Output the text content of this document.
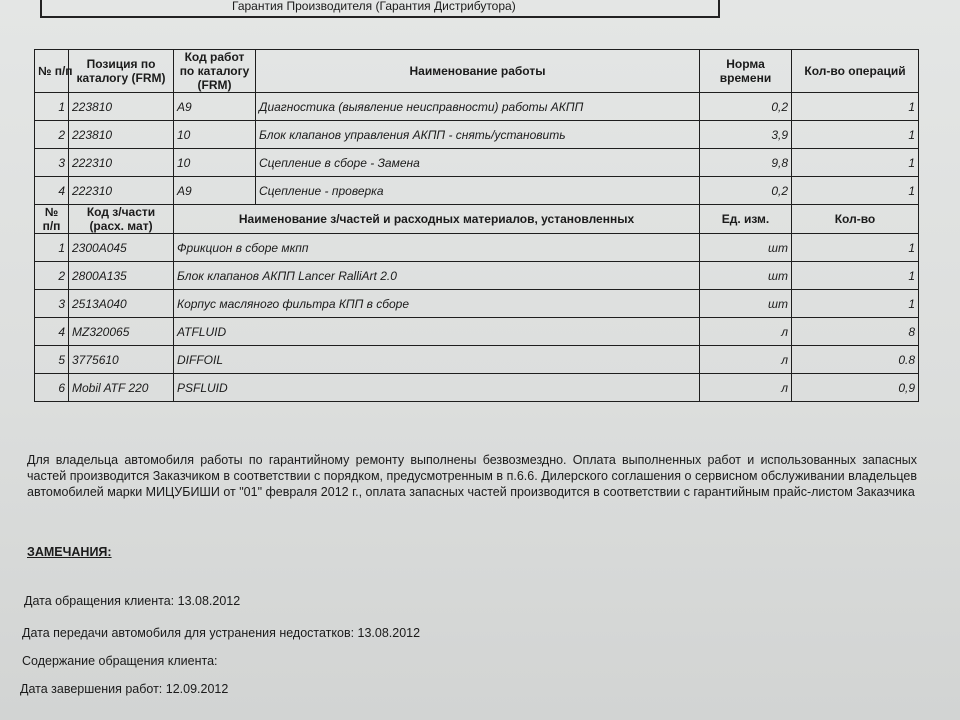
Гарантия Производителя (Гарантия Дистрибутора)
№ п/п	Позиция по каталогу (FRM)	Код работ по каталогу (FRM)	Наименование работы	Норма времени	Кол-во операций
1	223810	A9	Диагностика (выявление неисправности) работы АКПП	0,2	1
2	223810	10	Блок клапанов управления АКПП - снять/установить	3,9	1
3	222310	10	Сцепление в сборе - Замена	9,8	1
4	222310	A9	Сцепление - проверка	0,2	1
№ п/п	Код з/части (расх. мат)	Наименование з/частей и расходных материалов, установленных		Ед. изм.	Кол-во
1	2300A045	Фрикцион в сборе мкпп		шт	1
2	2800A135	Блок клапанов АКПП Lancer RalliArt 2.0		шт	1
3	2513A040	Корпус масляного фильтра КПП в сборе		шт	1
4	MZ320065	ATFLUID		л	8
5	3775610	DIFFOIL		л	0.8
6	Mobil ATF 220	PSFLUID		л	0,9
Для владельца автомобиля работы по гарантийному ремонту выполнены безвозмездно. Оплата выполненных работ и использованных запасных частей производится Заказчиком в соответствии с порядком, предусмотренным в п.6.6. Дилерского соглашения о сервисном обслуживании владельцев автомобилей марки МИЦУБИШИ от "01" февраля 2012 г., оплата запасных частей производится в соответствии с гарантийным прайс-листом Заказчика
ЗАМЕЧАНИЯ:
Дата обращения клиента: 13.08.2012
Дата передачи автомобиля для устранения недостатков: 13.08.2012
Содержание обращения клиента:
Дата завершения работ: 12.09.2012
